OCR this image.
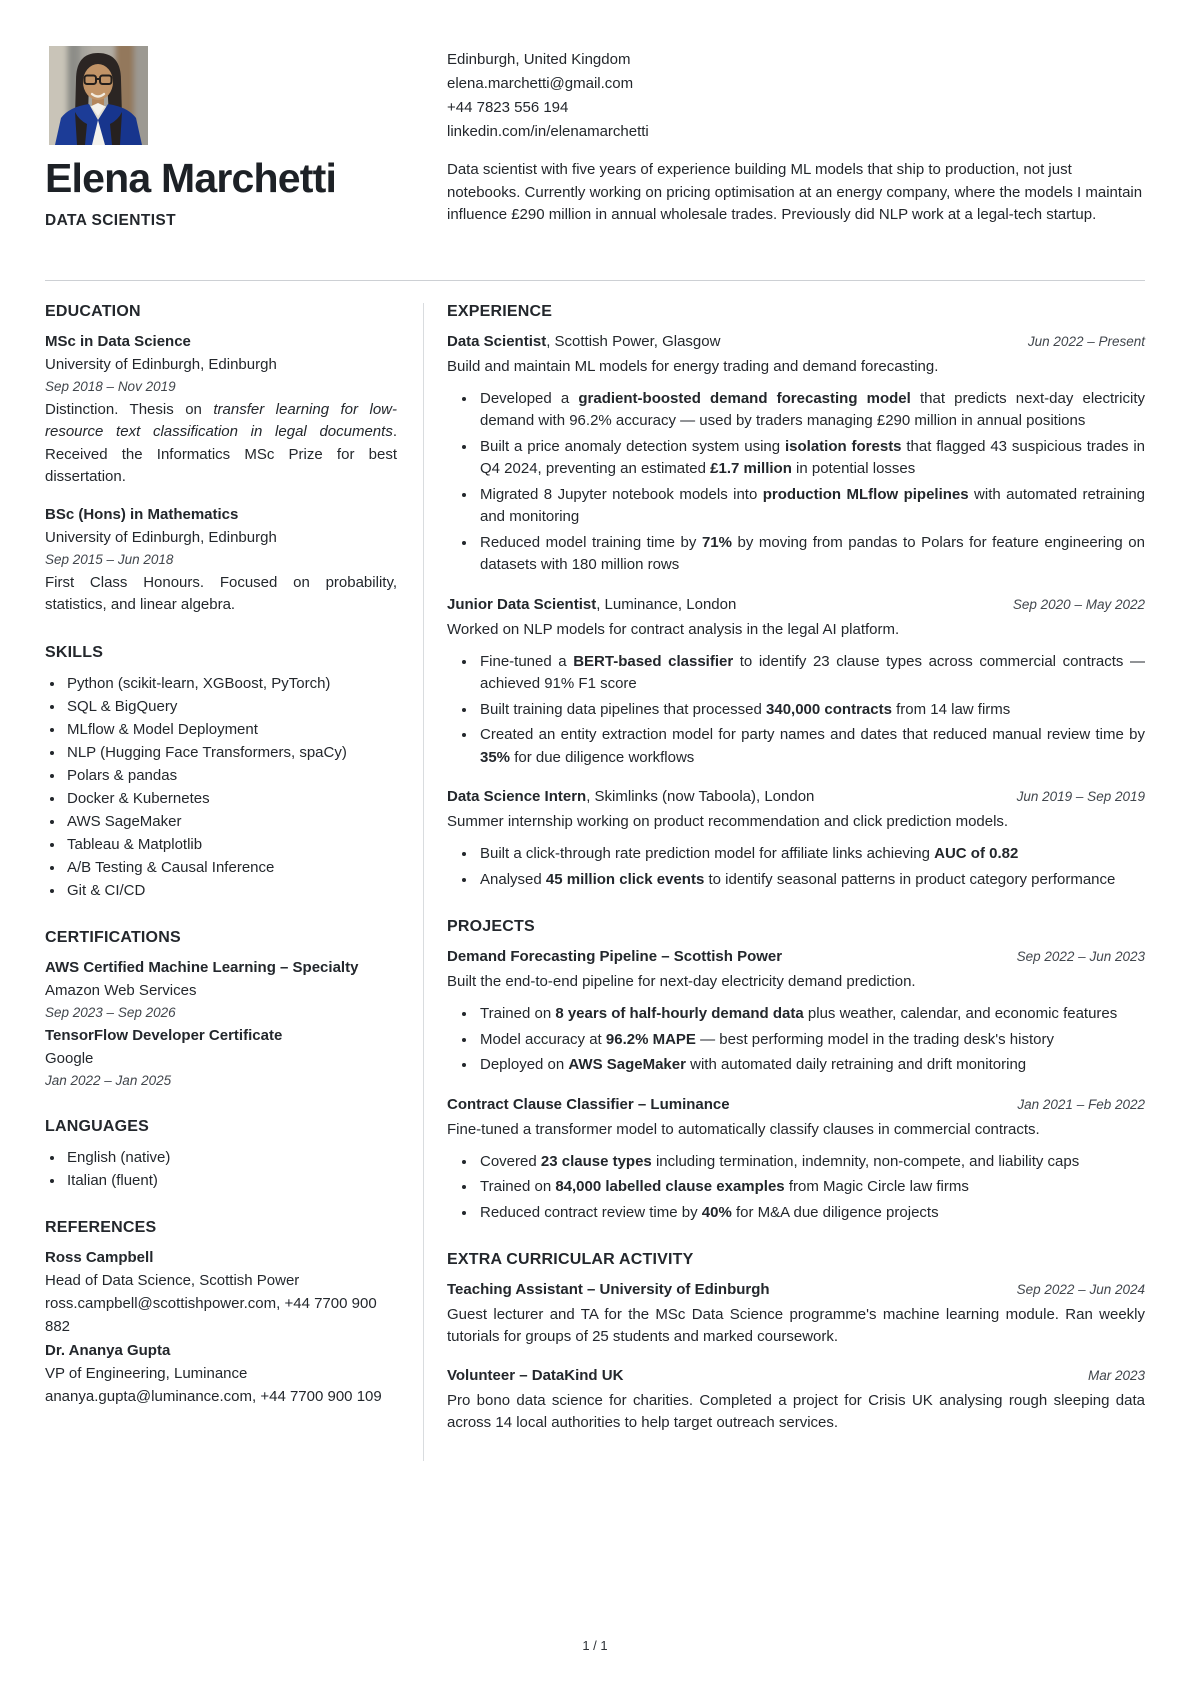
Elena Marchetti
DATA SCIENTIST
Edinburgh, United Kingdom
elena.marchetti@gmail.com
+44 7823 556 194
linkedin.com/in/elenamarchetti

Data scientist with five years of experience building ML models that ship to production, not just notebooks. Currently working on pricing optimisation at an energy company, where the models I maintain influence £290 million in annual wholesale trades. Previously did NLP work at a legal-tech startup.

EDUCATION
MSc in Data Science
University of Edinburgh, Edinburgh
Sep 2018 – Nov 2019
Distinction. Thesis on transfer learning for low-resource text classification in legal documents. Received the Informatics MSc Prize for best dissertation.
BSc (Hons) in Mathematics
University of Edinburgh, Edinburgh
Sep 2015 – Jun 2018
First Class Honours. Focused on probability, statistics, and linear algebra.
SKILLS
• Python (scikit-learn, XGBoost, PyTorch)
• SQL & BigQuery
• MLflow & Model Deployment
• NLP (Hugging Face Transformers, spaCy)
• Polars & pandas
• Docker & Kubernetes
• AWS SageMaker
• Tableau & Matplotlib
• A/B Testing & Causal Inference
• Git & CI/CD
CERTIFICATIONS
AWS Certified Machine Learning – Specialty
Amazon Web Services
Sep 2023 – Sep 2026
TensorFlow Developer Certificate
Google
Jan 2022 – Jan 2025
LANGUAGES
• English (native)
• Italian (fluent)
REFERENCES
Ross Campbell
Head of Data Science, Scottish Power
ross.campbell@scottishpower.com, +44 7700 900 882
Dr. Ananya Gupta
VP of Engineering, Luminance
ananya.gupta@luminance.com, +44 7700 900 109
EXPERIENCE
Data Scientist, Scottish Power, Glasgow	Jun 2022 – Present
Build and maintain ML models for energy trading and demand forecasting.
• Developed a gradient-boosted demand forecasting model that predicts next-day electricity demand with 96.2% accuracy — used by traders managing £290 million in annual positions
• Built a price anomaly detection system using isolation forests that flagged 43 suspicious trades in Q4 2024, preventing an estimated £1.7 million in potential losses
• Migrated 8 Jupyter notebook models into production MLflow pipelines with automated retraining and monitoring
• Reduced model training time by 71% by moving from pandas to Polars for feature engineering on datasets with 180 million rows
Junior Data Scientist, Luminance, London	Sep 2020 – May 2022
Worked on NLP models for contract analysis in the legal AI platform.
• Fine-tuned a BERT-based classifier to identify 23 clause types across commercial contracts — achieved 91% F1 score
• Built training data pipelines that processed 340,000 contracts from 14 law firms
• Created an entity extraction model for party names and dates that reduced manual review time by 35% for due diligence workflows
Data Science Intern, Skimlinks (now Taboola), London	Jun 2019 – Sep 2019
Summer internship working on product recommendation and click prediction models.
• Built a click-through rate prediction model for affiliate links achieving AUC of 0.82
• Analysed 45 million click events to identify seasonal patterns in product category performance
PROJECTS
Demand Forecasting Pipeline – Scottish Power	Sep 2022 – Jun 2023
Built the end-to-end pipeline for next-day electricity demand prediction.
• Trained on 8 years of half-hourly demand data plus weather, calendar, and economic features
• Model accuracy at 96.2% MAPE — best performing model in the trading desk's history
• Deployed on AWS SageMaker with automated daily retraining and drift monitoring
Contract Clause Classifier – Luminance	Jan 2021 – Feb 2022
Fine-tuned a transformer model to automatically classify clauses in commercial contracts.
• Covered 23 clause types including termination, indemnity, non-compete, and liability caps
• Trained on 84,000 labelled clause examples from Magic Circle law firms
• Reduced contract review time by 40% for M&A due diligence projects
EXTRA CURRICULAR ACTIVITY
Teaching Assistant – University of Edinburgh	Sep 2022 – Jun 2024
Guest lecturer and TA for the MSc Data Science programme's machine learning module. Ran weekly tutorials for groups of 25 students and marked coursework.
Volunteer – DataKind UK	Mar 2023
Pro bono data science for charities. Completed a project for Crisis UK analysing rough sleeping data across 14 local authorities to help target outreach services.
1 / 1
